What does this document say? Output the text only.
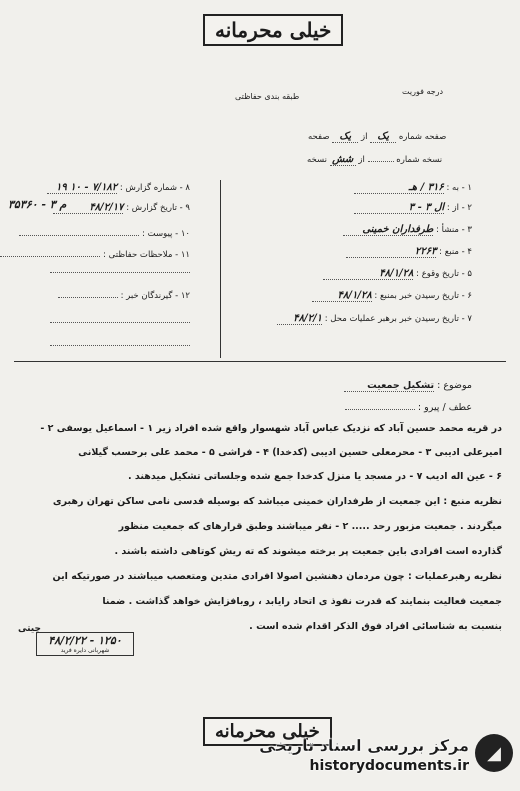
خیلی محرمانه
طبقه بندی حفاظتی
درجه فوریت
صفحه شماره یک از یک صفحه
نسخه شماره  از شش نسخه
۸ - شماره گزارش : ۷/۱۸۲ - ۱۰ ۱۹
۹ - تاریخ گزارش : ۴۸/۲/۱۷
۳۵۳۶۰ - ۳ م
۱۰ - پیوست :
۱۱ - ملاحظات حفاظتی :
۱۲ - گیرندگان خبر :
۱ - به : ۳۱۶ / هـ
۲ - از : ال ۳ - ۳
۳ - منشأ : طرفداران خمینی
۴ - منبع : ۲۲۶۳
۵ - تاریخ وقوع : ۴۸/۱/۲۸
۶ - تاریخ رسیدن خبر بمنبع : ۴۸/۱/۲۸
۷ - تاریخ رسیدن خبر برهبر عملیات محل : ۴۸/۲/۱
موضوع : تشکیل جمعیت
عطف / پیرو :
در قریه محمد حسین آباد که نزدیک عباس آباد شهسوار واقع شده افراد زیر ۱ - اسماعیل یوسفی ۲ -
امیرعلی ادیبی ۳ - محرمعلی حسین ادیبی (کدخدا) ۴ - فراشی ۵ - محمد علی برحسب گیلانی
۶ - عین اله ادیب ۷ - در مسجد یا منزل کدخدا جمع شده وجلساتی تشکیل میدهند .
نظریه منبع : این جمعیت از طرفداران خمینی میباشد که بوسیله قدسی نامی ساکن تهران رهبری
میگردند . جمعیت مزبور رحد ..... ۲ - نفر میباشند وطبق قرارهای که جمعیت منظور
گذارده است افرادی باین جمعیت پر برخته میشوند که ته ریش کوتاهی داشته باشند .
نظریه رهبرعملیات : چون مردمان دهنشین اصولا افرادی متدین ومتعصب میباشند در صورتیکه این
جمعیت فعالیت بنمایند که قدرت نفوذ ی اتحاد رایابد ، روبافزایش خواهد گذاشت . ضمنا
بنسبت به شناسائی افراد فوق الذکر اقدام شده است .
چیتی
۴۸/۲/۲۲ - ۱۲۵۰
شهربانی دایره فرید
خیلی محرمانه
◢
مرکز بررسی اسناد تاریخی
historydocuments.ir
